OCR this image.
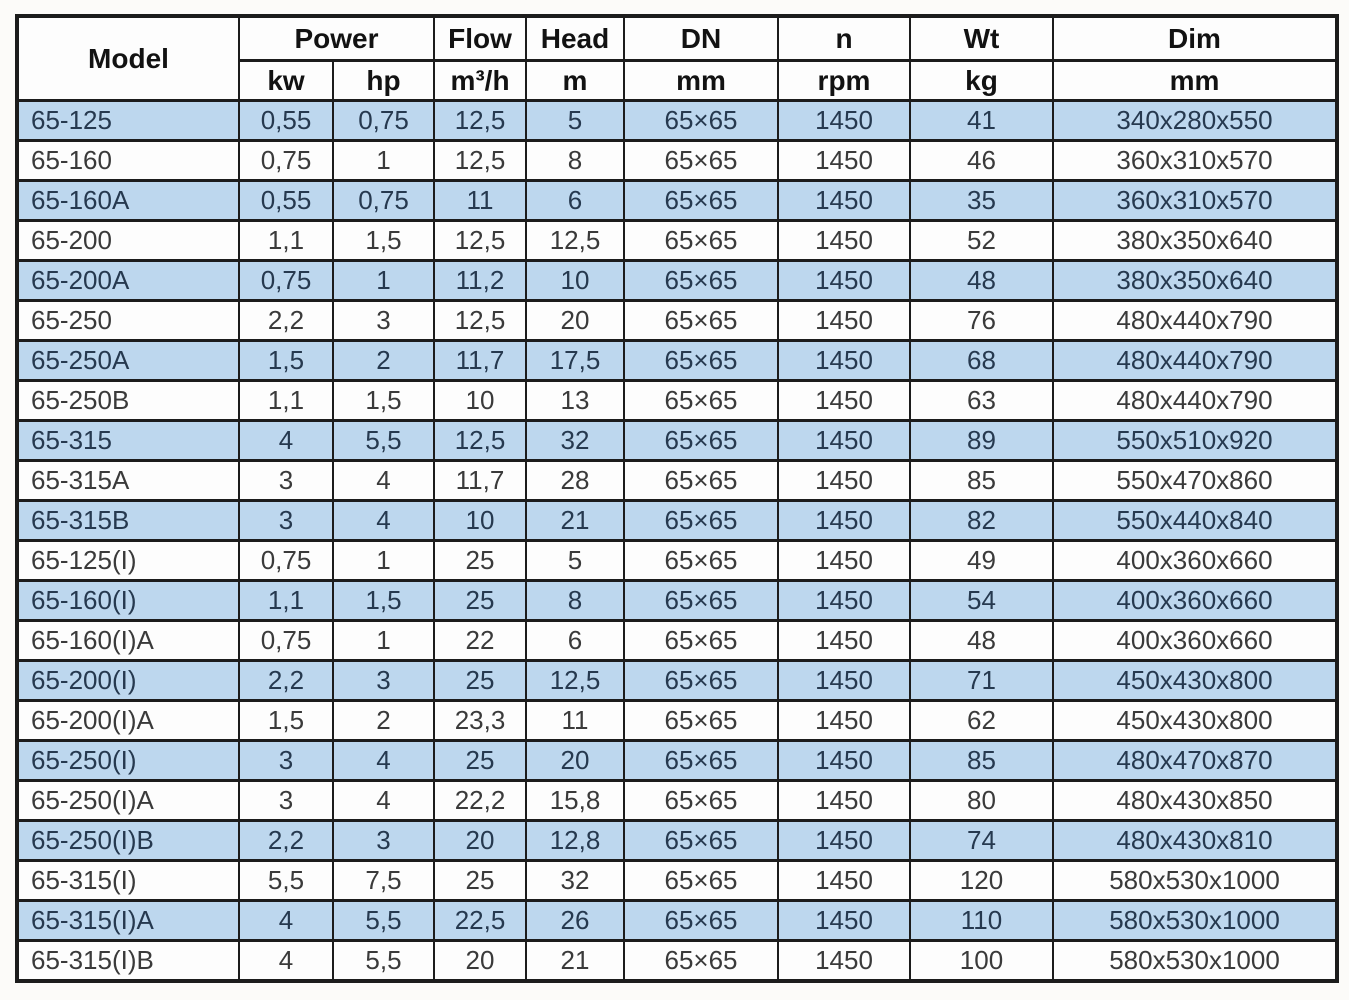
Model	Power		Flow	Head	DN	n	Wt	Dim
	kw	hp	m³/h	m	mm	rpm	kg	mm
65-125	0,55	0,75	12,5	5	65×65	1450	41	340x280x550
65-160	0,75	1	12,5	8	65×65	1450	46	360x310x570
65-160A	0,55	0,75	11	6	65×65	1450	35	360x310x570
65-200	1,1	1,5	12,5	12,5	65×65	1450	52	380x350x640
65-200A	0,75	1	11,2	10	65×65	1450	48	380x350x640
65-250	2,2	3	12,5	20	65×65	1450	76	480x440x790
65-250A	1,5	2	11,7	17,5	65×65	1450	68	480x440x790
65-250B	1,1	1,5	10	13	65×65	1450	63	480x440x790
65-315	4	5,5	12,5	32	65×65	1450	89	550x510x920
65-315A	3	4	11,7	28	65×65	1450	85	550x470x860
65-315B	3	4	10	21	65×65	1450	82	550x440x840
65-125(I)	0,75	1	25	5	65×65	1450	49	400x360x660
65-160(I)	1,1	1,5	25	8	65×65	1450	54	400x360x660
65-160(I)A	0,75	1	22	6	65×65	1450	48	400x360x660
65-200(I)	2,2	3	25	12,5	65×65	1450	71	450x430x800
65-200(I)A	1,5	2	23,3	11	65×65	1450	62	450x430x800
65-250(I)	3	4	25	20	65×65	1450	85	480x470x870
65-250(I)A	3	4	22,2	15,8	65×65	1450	80	480x430x850
65-250(I)B	2,2	3	20	12,8	65×65	1450	74	480x430x810
65-315(I)	5,5	7,5	25	32	65×65	1450	120	580x530x1000
65-315(I)A	4	5,5	22,5	26	65×65	1450	110	580x530x1000
65-315(I)B	4	5,5	20	21	65×65	1450	100	580x530x1000
